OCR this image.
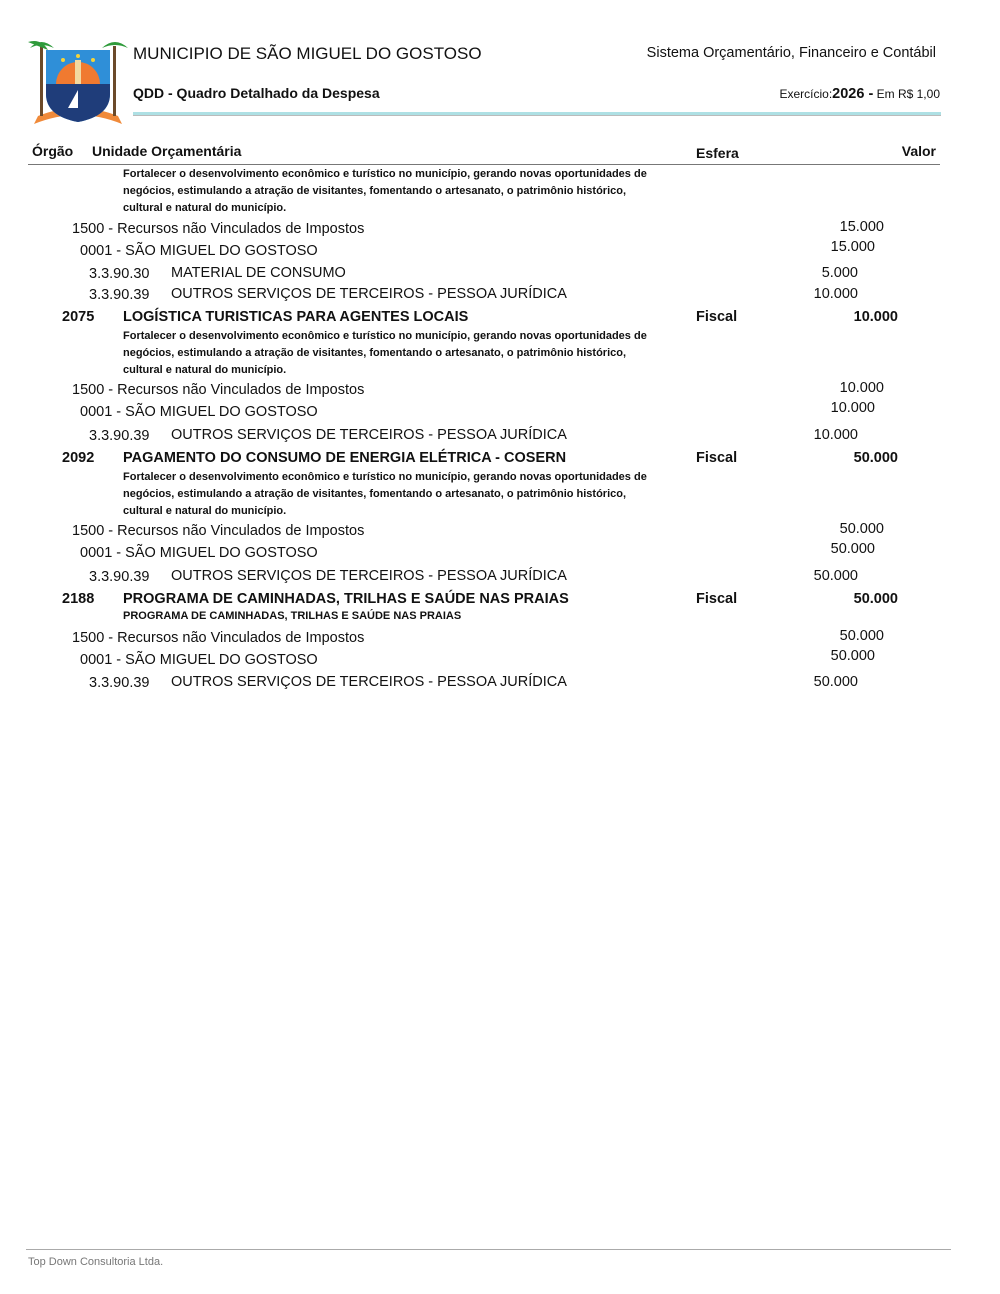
MUNICIPIO DE SÃO MIGUEL DO GOSTOSO	Sistema Orçamentário, Financeiro e Contábil
QDD - Quadro Detalhado da Despesa	Exercício:2026 - Em R$ 1,00
Órgão Unidade Orçamentária	Esfera	Valor
Fortalecer o desenvolvimento econômico e turístico no município, gerando novas oportunidades de
negócios, estimulando a atração de visitantes, fomentando o artesanato, o patrimônio histórico,
cultural e natural do município.
1500 - Recursos não Vinculados de Impostos	15.000
0001 - SÃO MIGUEL DO GOSTOSO	15.000
3.3.90.30 MATERIAL DE CONSUMO	5.000
3.3.90.39 OUTROS SERVIÇOS DE TERCEIROS - PESSOA JURÍDICA	10.000
2075 LOGÍSTICA TURISTICAS PARA AGENTES LOCAIS	Fiscal	10.000
Fortalecer o desenvolvimento econômico e turístico no município, gerando novas oportunidades de
negócios, estimulando a atração de visitantes, fomentando o artesanato, o patrimônio histórico,
cultural e natural do município.
1500 - Recursos não Vinculados de Impostos	10.000
0001 - SÃO MIGUEL DO GOSTOSO	10.000
3.3.90.39 OUTROS SERVIÇOS DE TERCEIROS - PESSOA JURÍDICA	10.000
2092 PAGAMENTO DO CONSUMO DE ENERGIA ELÉTRICA - COSERN	Fiscal	50.000
Fortalecer o desenvolvimento econômico e turístico no município, gerando novas oportunidades de
negócios, estimulando a atração de visitantes, fomentando o artesanato, o patrimônio histórico,
cultural e natural do município.
1500 - Recursos não Vinculados de Impostos	50.000
0001 - SÃO MIGUEL DO GOSTOSO	50.000
3.3.90.39 OUTROS SERVIÇOS DE TERCEIROS - PESSOA JURÍDICA	50.000
2188 PROGRAMA DE CAMINHADAS, TRILHAS E SAÚDE NAS PRAIAS	Fiscal	50.000
PROGRAMA DE CAMINHADAS, TRILHAS E SAÚDE NAS PRAIAS
1500 - Recursos não Vinculados de Impostos	50.000
0001 - SÃO MIGUEL DO GOSTOSO	50.000
3.3.90.39 OUTROS SERVIÇOS DE TERCEIROS - PESSOA JURÍDICA	50.000
Top Down Consultoria Ltda.
